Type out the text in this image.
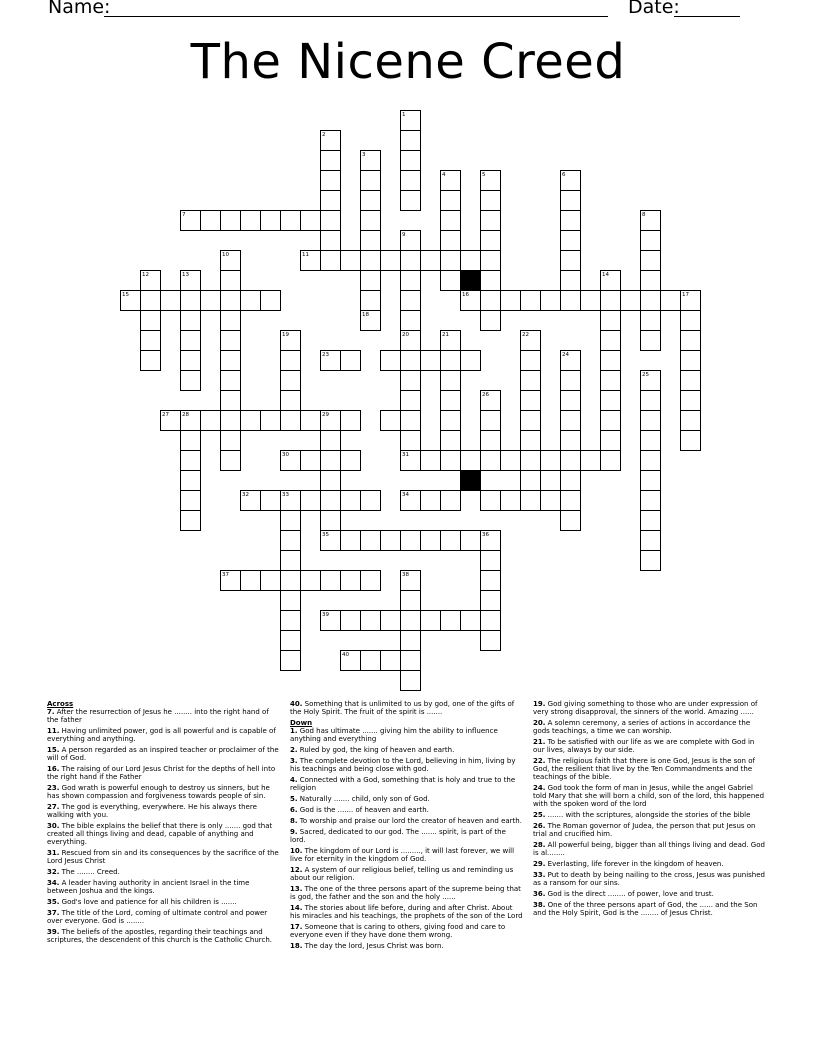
Name:	Date:
The Nicene Creed
1
2
3
4	5	6
7	8
9
10	11
12	13	14
15	17
19	20
31
21	22
24
25
26
27 28	29
30
32	33	34
35	36
37	38
39
40
16
18
23
Across
7. After the resurrection of Jesus he ........ into the right hand of the father
11. Having unlimited power, god is all powerful and is capable of everything and anything.
15. A person regarded as an inspired teacher or proclaimer of the will of God.
16. The raising of our Lord Jesus Christ for the depths of hell into the right hand if the Father
23. God wrath is powerful enough to destroy us sinners, but he has shown compassion and forgiveness towards people of sin.
27. The god is everything, everywhere. He his always there walking with you.
30. The bible explains the belief that there is only ....... god that created all things living and dead, capable of anything and everything.
31. Rescued from sin and its consequences by the sacrifice of the Lord Jesus Christ
32. The ........ Creed.
34. A leader having authority in ancient Israel in the time between Joshua and the kings.
35. God's love and patience for all his children is .......
37. The title of the Lord, coming of ultimate control and power over everyone. God is ........
39. The beliefs of the apostles, regarding their teachings and scriptures, the descendent of this church is the Catholic Church.
40. Something that is unlimited to us by god, one of the gifts of the Holy Spirit. The fruit of the spirit is .......
Down
1. God has ultimate ....... giving him the ability to influence anything and everything
2. Ruled by god, the king of heaven and earth.
3. The complete devotion to the Lord, believing in him, living by his teachings and being close with god.
4. Connected with a God, something that is holy and true to the religion
5. Naturally ....... child, only son of God.
6. God is the ....... of heaven and earth.
8. To worship and praise our lord the creator of heaven and earth.
9. Sacred, dedicated to our god. The ....... spirit, is part of the lord.
10. The kingdom of our Lord is ........., it will last forever, we will live for eternity in the kingdom of God.
12. A system of our religious belief, telling us and reminding us about our religion.
13. The one of the three persons apart of the supreme being that is god, the father and the son and the holy ......
14. The stories about life before, during and after Christ. About his miracles and his teachings, the prophets of the son of the Lord
17. Someone that is caring to others, giving food and care to everyone even if they have done them wrong.
18. The day the lord, Jesus Christ was born.
19. God giving something to those who are under expression of very strong disapproval, the sinners of the world. Amazing ......
20. A solemn ceremony, a series of actions in accordance the gods teachings, a time we can worship.
21. To be satisfied with our life as we are complete with God in our lives, always by our side.
22. The religious faith that there is one God, Jesus is the son of God, the resilient that live by the Ten Commandments and the teachings of the bible.
24. God took the form of man in Jesus, while the angel Gabriel told Mary that she will born a child, son of the lord, this happened with the spoken word of the lord
25. ....... with the scriptures, alongside the stories of the bible
26. The Roman governor of Judea, the person that put Jesus on trial and crucified him.
28. All powerful being, bigger than all things living and dead. God is al........
29. Everlasting, life forever in the kingdom of heaven.
33. Put to death by being nailing to the cross, Jesus was punished as a ransom for our sins.
36. God is the direct ........ of power, love and trust.
38. One of the three persons apart of God, the ...... and the Son and the Holy Spirit, God is the ........ of Jesus Christ.
